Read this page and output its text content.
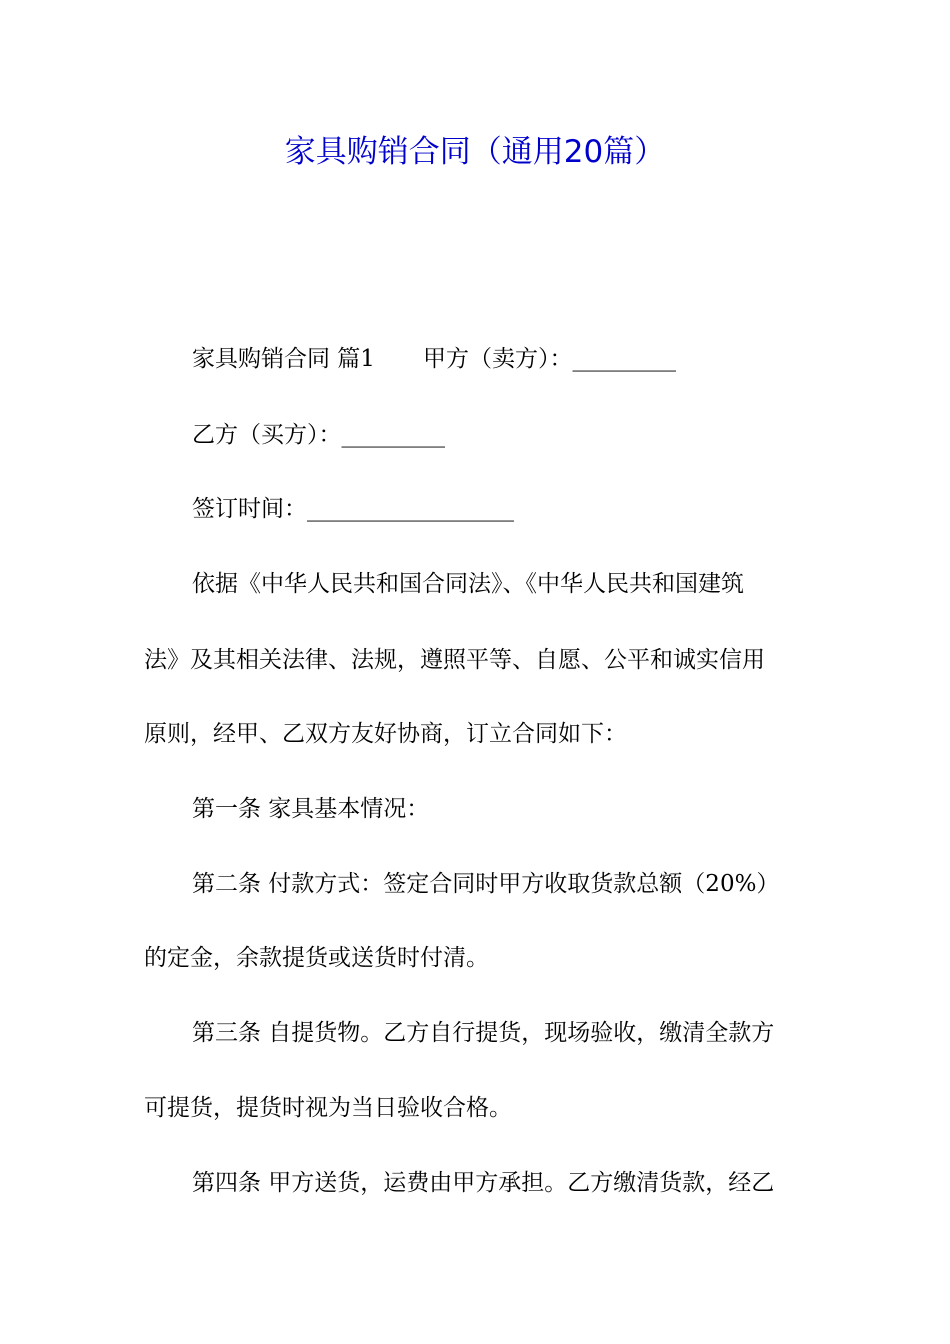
家具购销合同（通用20篇）
家具购销合同 篇1 甲方（卖方）：_________
乙方（买方）：_________
签订时间：__________________
依据《中华人民共和国合同法》、《中华人民共和国建筑
法》及其相关法律、法规，遵照平等、自愿、公平和诚实信用
原则，经甲、乙双方友好协商，订立合同如下：
第一条 家具基本情况：
第二条 付款方式：签定合同时甲方收取货款总额（20%）
的定金，余款提货或送货时付清。
第三条 自提货物。乙方自行提货，现场验收，缴清全款方
可提货，提货时视为当日验收合格。
第四条 甲方送货，运费由甲方承担。乙方缴清货款，经乙
